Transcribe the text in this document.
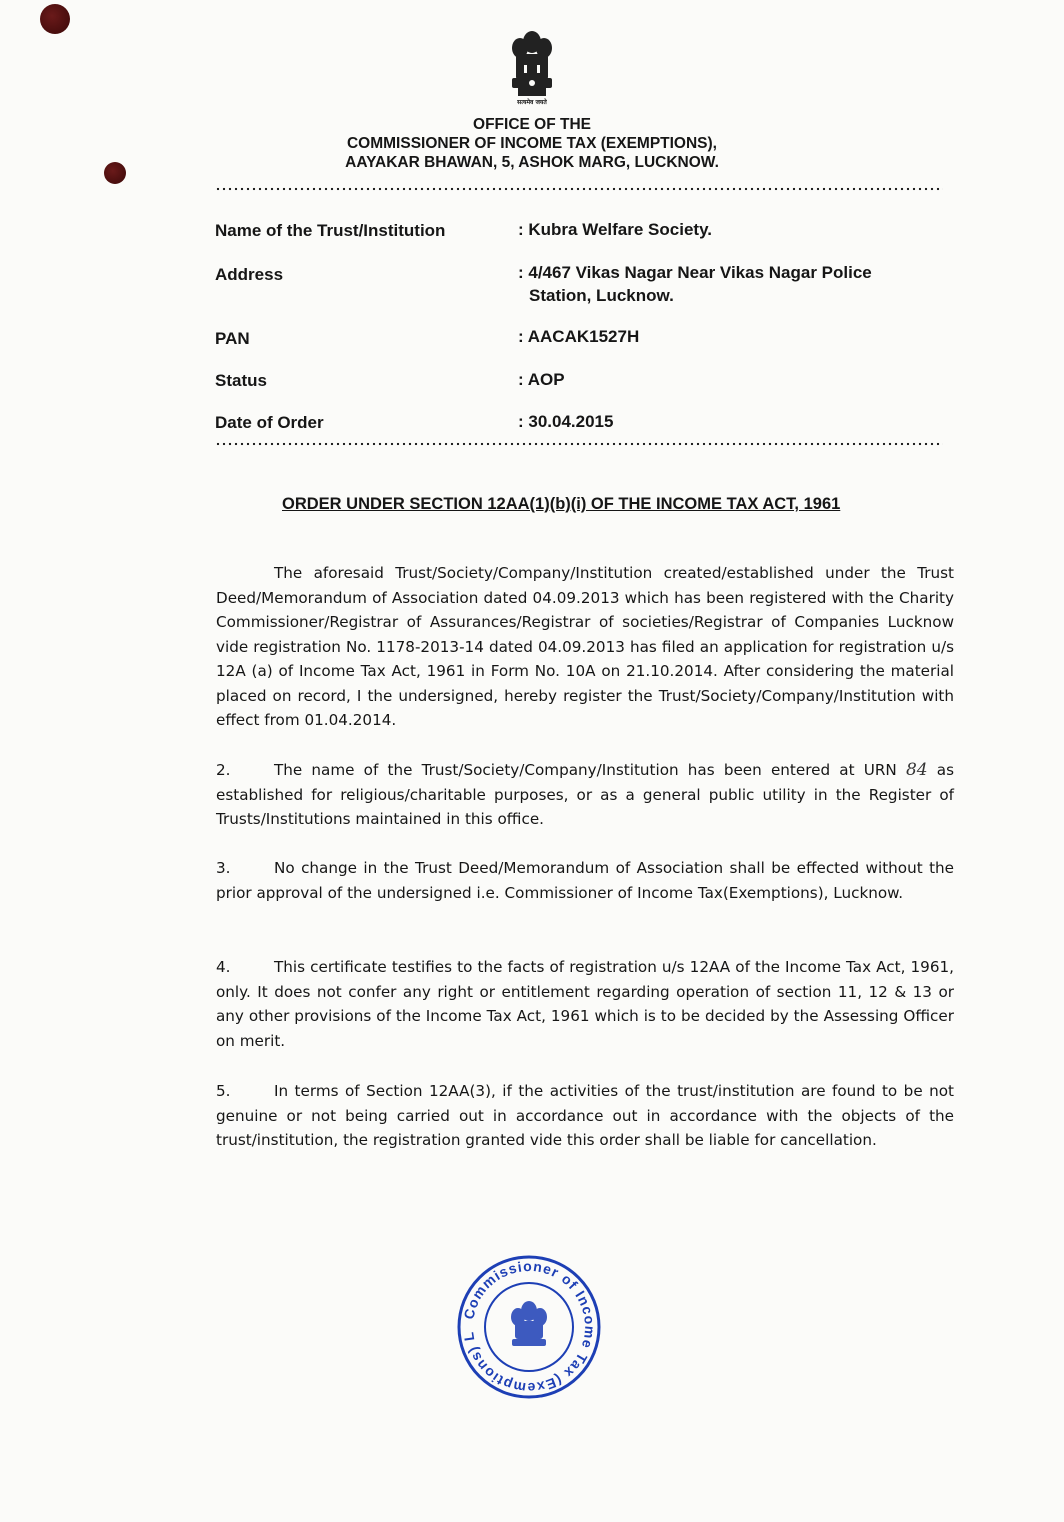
सत्यमेव जयते
OFFICE OF THE
COMMISSIONER OF INCOME TAX (EXEMPTIONS),
AAYAKAR BHAWAN, 5, ASHOK MARG, LUCKNOW.
Name of the Trust/Institution	: Kubra Welfare Society.
Address	: 4/467 Vikas Nagar Near Vikas Nagar Police
Station, Lucknow.
PAN	: AACAK1527H
Status	: AOP
Date of Order	: 30.04.2015
ORDER UNDER SECTION 12AA(1)(b)(i) OF THE INCOME TAX ACT, 1961
The aforesaid Trust/Society/Company/Institution created/established under the Trust Deed/Memorandum of Association dated 04.09.2013 which has been registered with the Charity Commissioner/Registrar of Assurances/Registrar of societies/Registrar of Companies Lucknow vide registration No. 1178-2013-14 dated 04.09.2013 has filed an application for registration u/s 12A (a) of Income Tax Act, 1961 in Form No. 10A on 21.10.2014. After considering the material placed on record, I the undersigned, hereby register the Trust/Society/Company/Institution with effect from 01.04.2014.
2.	The name of the Trust/Society/Company/Institution has been entered at URN 84 as established for religious/charitable purposes, or as a general public utility in the Register of Trusts/Institutions maintained in this office.
3.	No change in the Trust Deed/Memorandum of Association shall be effected without the prior approval of the undersigned i.e. Commissioner of Income Tax(Exemptions), Lucknow.
4.	This certificate testifies to the facts of registration u/s 12AA of the Income Tax Act, 1961, only. It does not confer any right or entitlement regarding operation of section 11, 12 & 13 or any other provisions of the Income Tax Act, 1961 which is to be decided by the Assessing Officer on merit.
5.	In terms of Section 12AA(3), if the activities of the trust/institution are found to be not genuine or not being carried out in accordance out in accordance with the objects of the trust/institution, the registration granted vide this order shall be liable for cancellation.
Commissioner of Income Tax (Exemptions) L
